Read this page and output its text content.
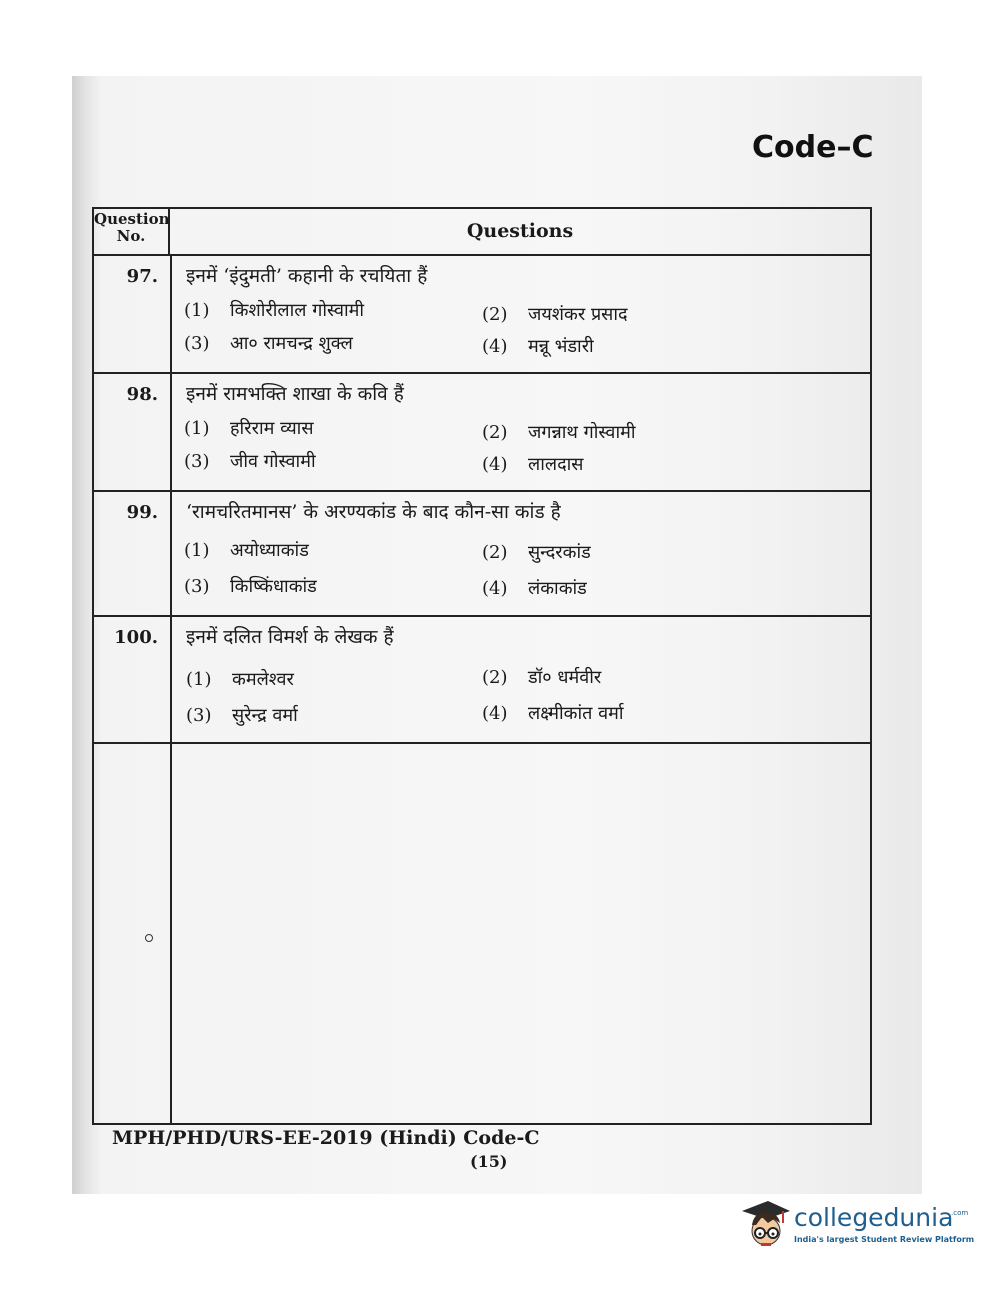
Code–C
Question No.	Questions
97. इनमें ‘इंदुमती’ कहानी के रचयिता हैं
(1) किशोरीलाल गोस्वामी	(2) जयशंकर प्रसाद
(3) आ० रामचन्द्र शुक्ल	(4) मन्नू भंडारी
98. इनमें रामभक्ति शाखा के कवि हैं
(1) हरिराम व्यास	(2) जगन्नाथ गोस्वामी
(3) जीव गोस्वामी	(4) लालदास
99. ‘रामचरितमानस’ के अरण्यकांड के बाद कौन-सा कांड है
(1) अयोध्याकांड	(2) सुन्दरकांड
(3) किष्किंधाकांड	(4) लंकाकांड
100. इनमें दलित विमर्श के लेखक हैं
(1) कमलेश्वर	(2) डॉ० धर्मवीर
(3) सुरेन्द्र वर्मा	(4) लक्ष्मीकांत वर्मा
MPH/PHD/URS-EE-2019 (Hindi) Code-C
(15)
collegedunia
.com
India's largest Student Review Platform
